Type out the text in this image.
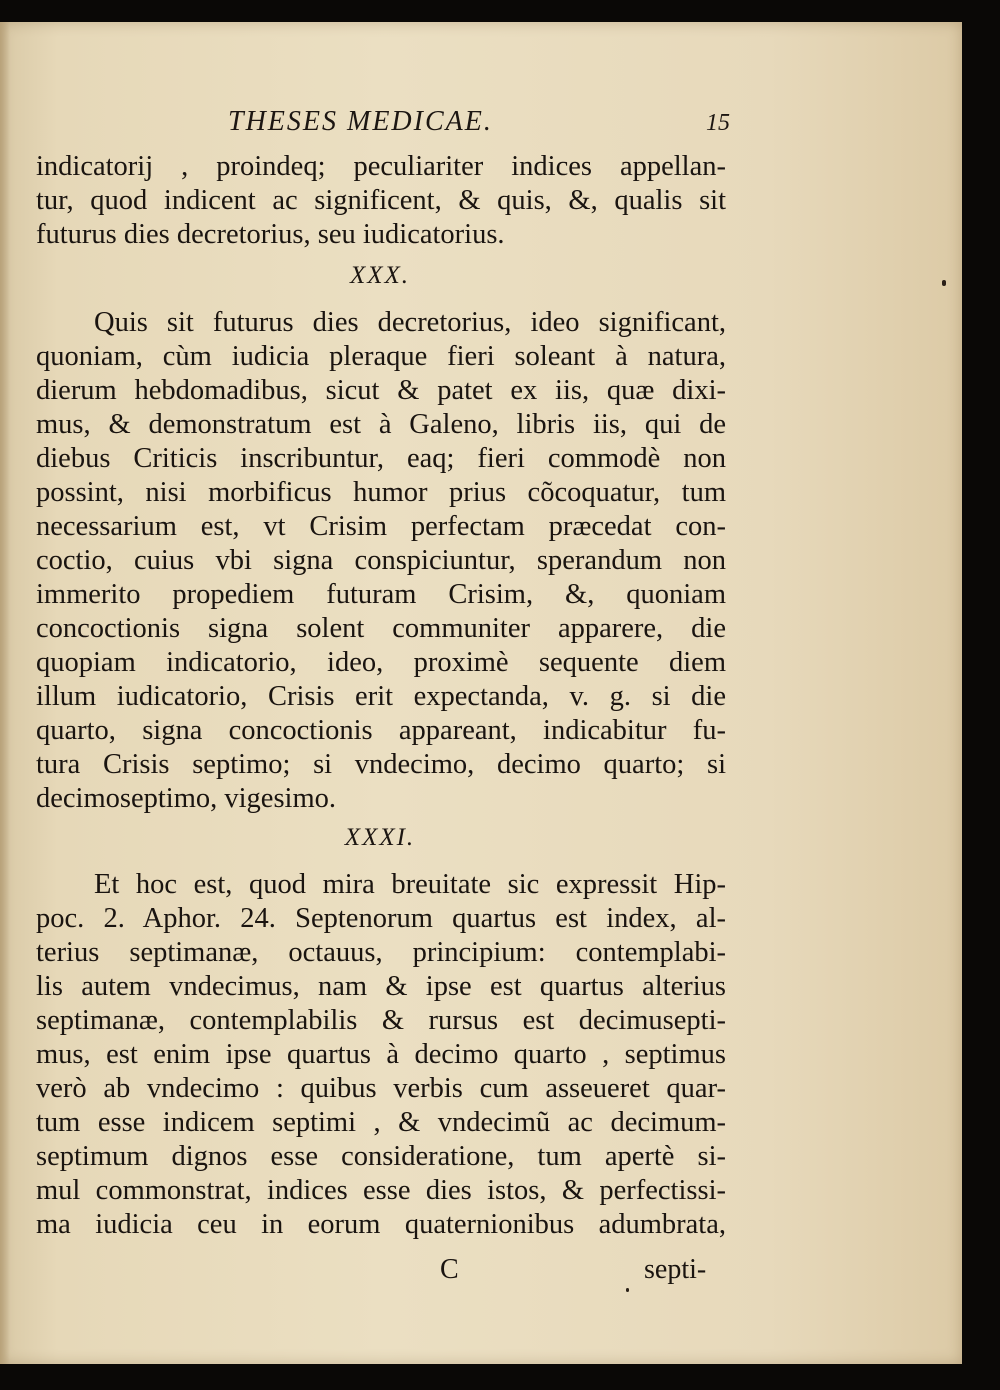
THESES MEDICAE.	15
indicatorij , proindeq; peculiariter indices appellan-
tur, quod indicent ac significent, & quis, &, qualis sit
futurus dies decretorius, seu iudicatorius.
XXX.
Quis sit futurus dies decretorius, ideo significant,
quoniam, cùm iudicia pleraque fieri soleant à natura,
dierum hebdomadibus, sicut & patet ex iis, quæ dixi-
mus, & demonstratum est à Galeno, libris iis, qui de
diebus Criticis inscribuntur, eaq; fieri commodè non
possint, nisi morbificus humor prius cõcoquatur, tum
necessarium est, vt Crisim perfectam præcedat con-
coctio, cuius vbi signa conspiciuntur, sperandum non
immerito propediem futuram Crisim, &, quoniam
concoctionis signa solent communiter apparere, die
quopiam indicatorio, ideo, proximè sequente diem
illum iudicatorio, Crisis erit expectanda, v. g. si die
quarto, signa concoctionis appareant, indicabitur fu-
tura Crisis septimo; si vndecimo, decimo quarto; si
decimoseptimo, vigesimo.
XXXI.
Et hoc est, quod mira breuitate sic expressit Hip-
poc. 2. Aphor. 24. Septenorum quartus est index, al-
terius septimanæ, octauus, principium: contemplabi-
lis autem vndecimus, nam & ipse est quartus alterius
septimanæ, contemplabilis & rursus est decimusepti-
mus, est enim ipse quartus à decimo quarto , septimus
verò ab vndecimo : quibus verbis cum asseueret quar-
tum esse indicem septimi , & vndecimũ ac decimum-
septimum dignos esse consideratione, tum apertè si-
mul commonstrat, indices esse dies istos, & perfectissi-
ma iudicia ceu in eorum quaternionibus adumbrata,
C	septi-
